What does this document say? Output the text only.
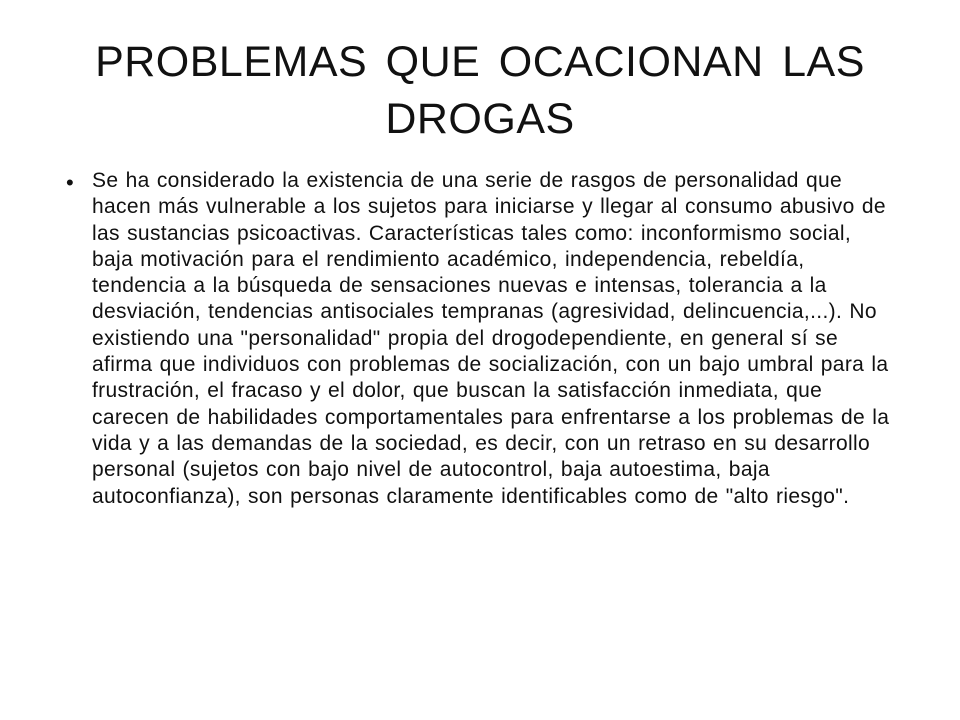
PROBLEMAS QUE OCACIONAN LAS
DROGAS
• Se ha considerado la existencia de una serie de rasgos de personalidad que hacen más vulnerable a los sujetos para iniciarse y llegar al consumo abusivo de las sustancias psicoactivas. Características tales como: inconformismo social, baja motivación para el rendimiento académico, independencia, rebeldía, tendencia a la búsqueda de sensaciones nuevas e intensas, tolerancia a la desviación, tendencias antisociales tempranas (agresividad, delincuencia,...). No existiendo una "personalidad" propia del drogodependiente, en general sí se afirma que individuos con problemas de socialización, con un bajo umbral para la frustración, el fracaso y el dolor, que buscan la satisfacción inmediata, que carecen de habilidades comportamentales para enfrentarse a los problemas de la vida y a las demandas de la sociedad, es decir, con un retraso en su desarrollo personal (sujetos con bajo nivel de autocontrol, baja autoestima, baja autoconfianza), son personas claramente identificables como de "alto riesgo".
